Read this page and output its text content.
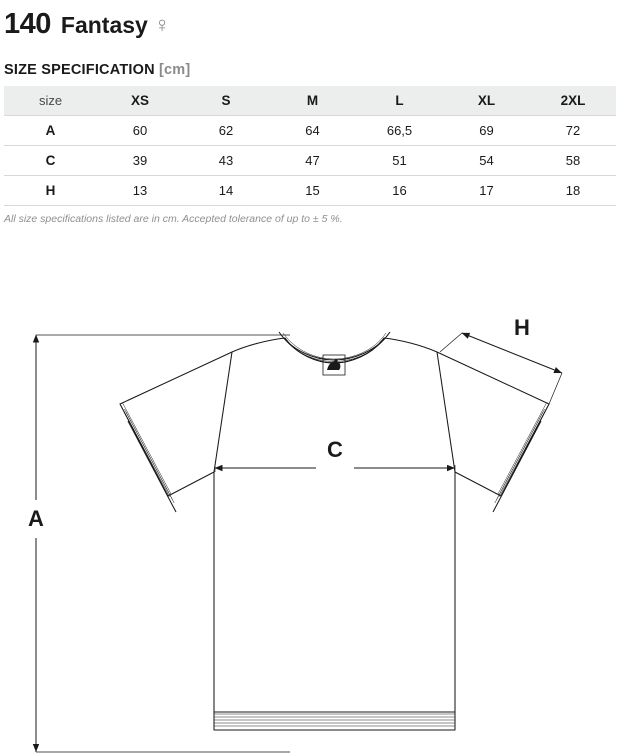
140 Fantasy ♀
SIZE SPECIFICATION [cm]
size	XS	S	M	L	XL	2XL
A	60	62	64	66,5	69	72
C	39	43	47	51	54	58
H	13	14	15	16	17	18
All size specifications listed are in cm. Accepted tolerance of up to ± 5 %.
A
C
H
